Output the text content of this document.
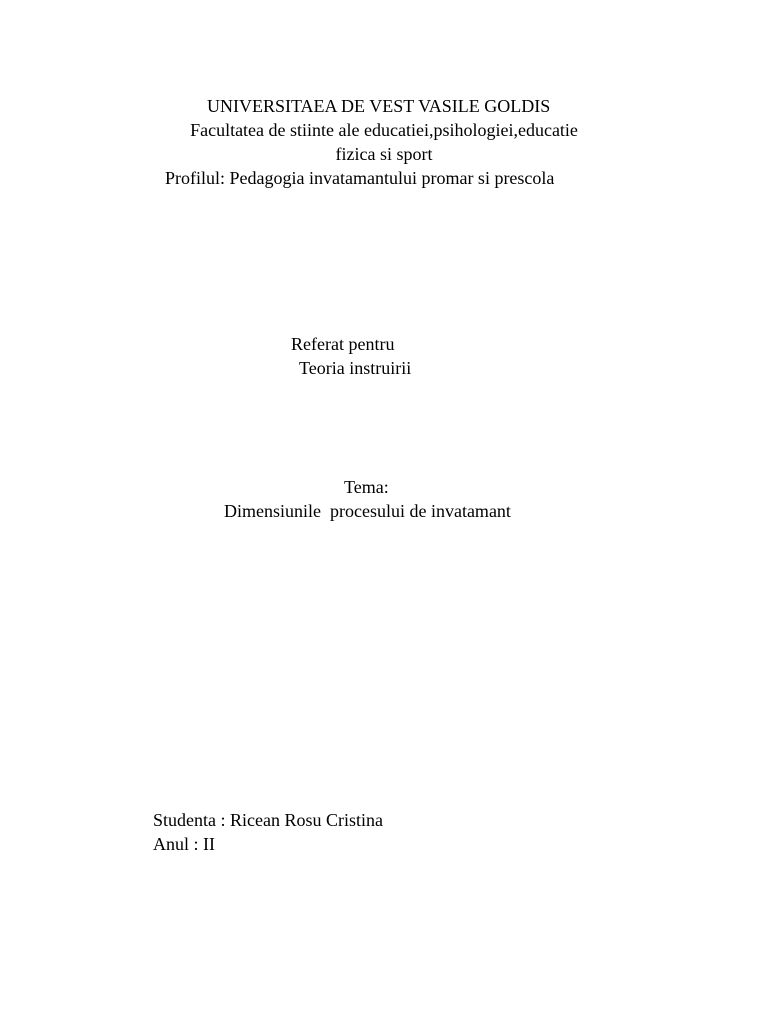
UNIVERSITAEA DE VEST VASILE GOLDIS
Facultatea de stiinte ale educatiei,psihologiei,educatie
fizica si sport
Profilul: Pedagogia invatamantului promar si prescola
Referat pentru
Teoria instruirii
Tema:
Dimensiunile  procesului de invatamant
Studenta : Ricean Rosu Cristina
Anul : II
